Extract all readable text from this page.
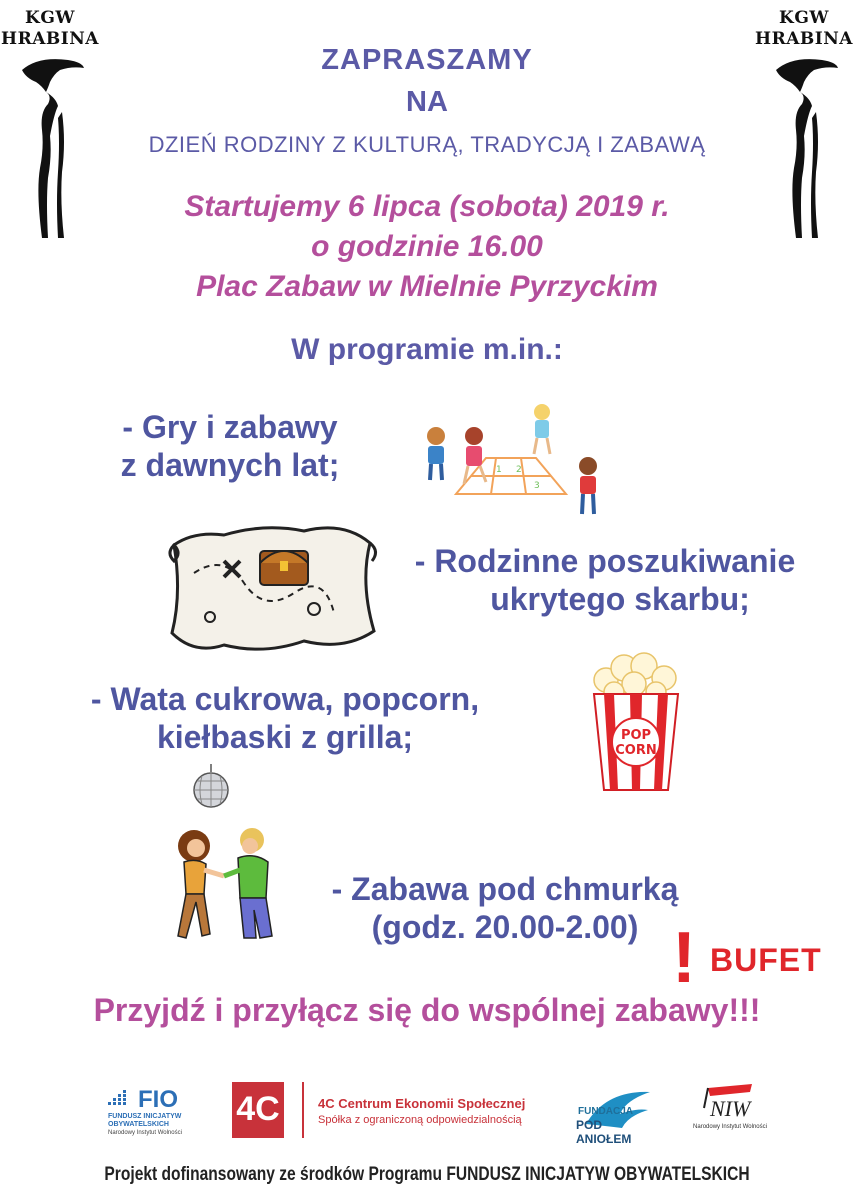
KGW
HRABINA
KGW
HRABINA
ZAPRASZAMY
NA
DZIEŃ RODZINY Z KULTURĄ, TRADYCJĄ I ZABAWĄ
Startujemy 6 lipca (sobota) 2019 r.
o godzinie 16.00
Plac Zabaw w Mielnie Pyrzyckim
W programie m.in.:
- Gry i zabawy
z dawnych lat;	1 2
3
- Rodzinne poszukiwanie
ukrytego skarbu;
- Wata cukrowa, popcorn,
kiełbaski z grilla;	POP
CORN
- Zabawa pod chmurką
(godz. 20.00-2.00) ! BUFET
Przyjdź i przyłącz się do wspólnej zabawy!!!
FIO
FUNDUSZ INICJATYW
OBYWATELSKICH
Narodowy Instytut Wolności
4C	4C Centrum Ekonomii Społecznej
Spółka z ograniczoną odpowiedzialnością
FUNDACJA
POD ANIOŁEM
NIW
Narodowy Instytut Wolności
Projekt dofinansowany ze środków Programu FUNDUSZ INICJATYW OBYWATELSKICH
